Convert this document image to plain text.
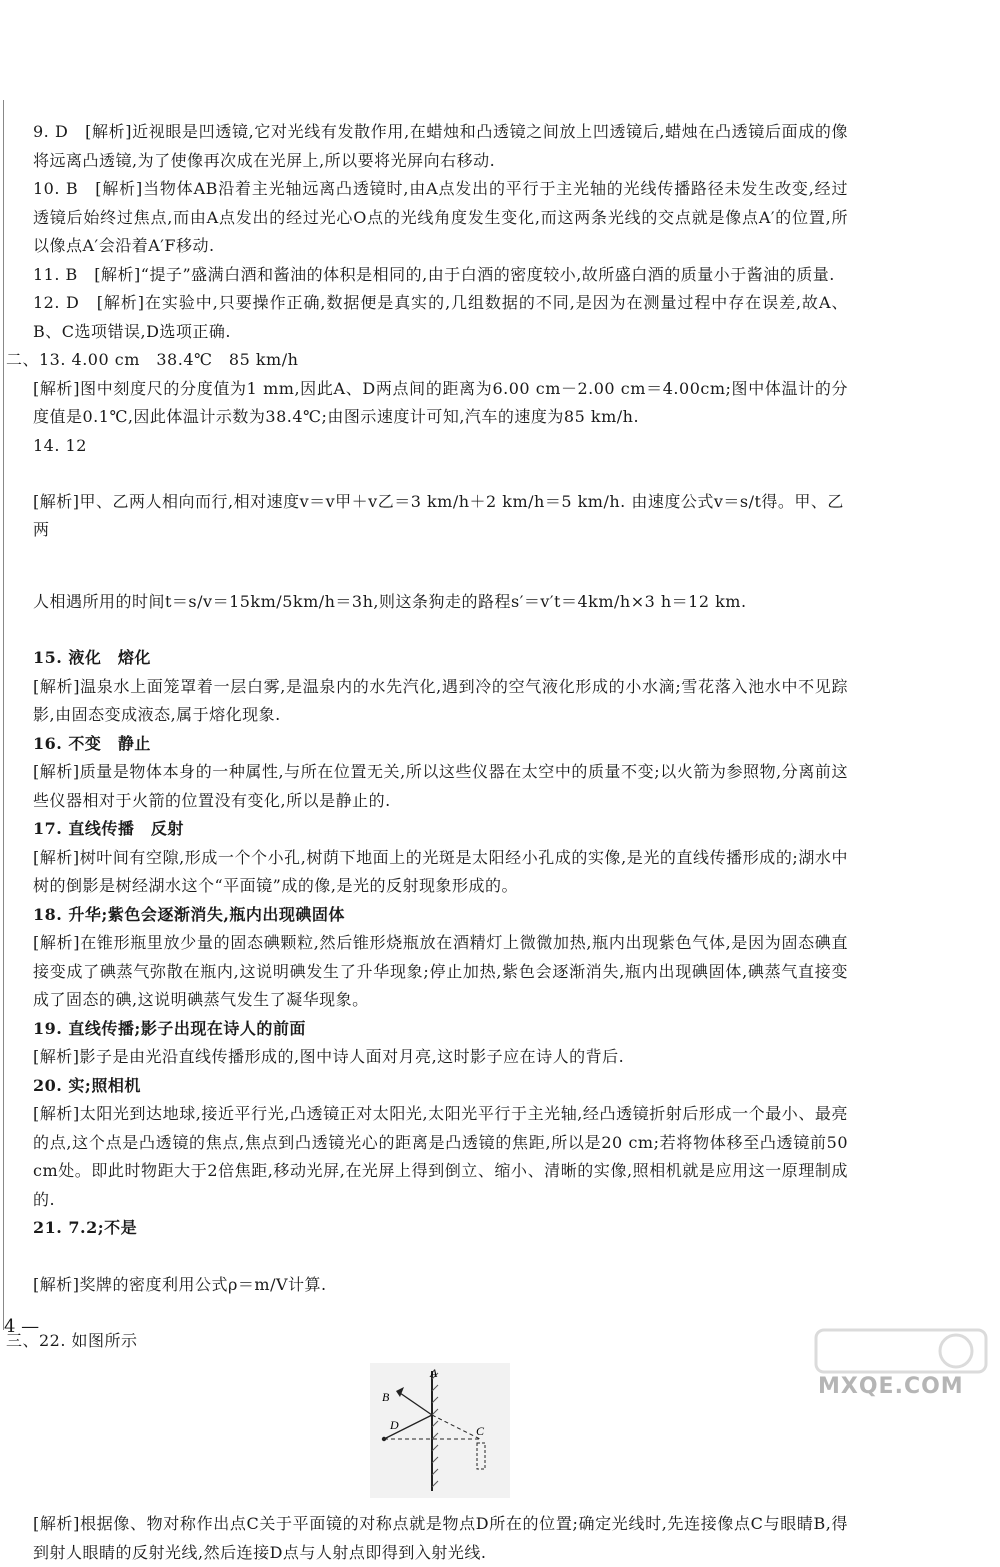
9. D　[解析]近视眼是凹透镜,它对光线有发散作用,在蜡烛和凸透镜之间放上凹透镜后,蜡烛在凸透镜后面成的像将远离凸透镜,为了使像再次成在光屏上,所以要将光屏向右移动.

10. B　[解析]当物体AB沿着主光轴远离凸透镜时,由A点发出的平行于主光轴的光线传播路径未发生改变,经过透镜后始终过焦点,而由A点发出的经过光心O点的光线角度发生变化,而这两条光线的交点就是像点A′的位置,所以像点A′会沿着A′F移动.

11. B　[解析]“提子”盛满白酒和酱油的体积是相同的,由于白酒的密度较小,故所盛白酒的质量小于酱油的质量.

12. D　[解析]在实验中,只要操作正确,数据便是真实的,几组数据的不同,是因为在测量过程中存在误差,故A、B、C选项错误,D选项正确.

二、13. 4.00 cm　38.4℃　85 km/h

[解析]图中刻度尺的分度值为1 mm,因此A、D两点间的距离为6.00 cm－2.00 cm＝4.00cm;图中体温计的分度值是0.1℃,因此体温计示数为38.4℃;由图示速度计可知,汽车的速度为85 km/h.

14. 12

[解析]甲、乙两人相向而行,相对速度v＝v甲＋v乙＝3 km/h＋2 km/h＝5 km/h. 由速度公式v＝s/t得。甲、乙两

人相遇所用的时间t＝s/v＝15km/5km/h＝3h,则这条狗走的路程s′＝v′t＝4km/h×3 h＝12 km.

15. 液化　熔化

[解析]温泉水上面笼罩着一层白雾,是温泉内的水先汽化,遇到冷的空气液化形成的小水滴;雪花落入池水中不见踪影,由固态变成液态,属于熔化现象.

16. 不变　静止

[解析]质量是物体本身的一种属性,与所在位置无关,所以这些仪器在太空中的质量不变;以火箭为参照物,分离前这些仪器相对于火箭的位置没有变化,所以是静止的.

17. 直线传播　反射

[解析]树叶间有空隙,形成一个个小孔,树荫下地面上的光斑是太阳经小孔成的实像,是光的直线传播形成的;湖水中树的倒影是树经湖水这个“平面镜”成的像,是光的反射现象形成的。

18. 升华;紫色会逐渐消失,瓶内出现碘固体

[解析]在锥形瓶里放少量的固态碘颗粒,然后锥形烧瓶放在酒精灯上微微加热,瓶内出现紫色气体,是因为固态碘直接变成了碘蒸气弥散在瓶内,这说明碘发生了升华现象;停止加热,紫色会逐渐消失,瓶内出现碘固体,碘蒸气直接变成了固态的碘,这说明碘蒸气发生了凝华现象。

19. 直线传播;影子出现在诗人的前面

[解析]影子是由光沿直线传播形成的,图中诗人面对月亮,这时影子应在诗人的背后.

20. 实;照相机

[解析]太阳光到达地球,接近平行光,凸透镜正对太阳光,太阳光平行于主光轴,经凸透镜折射后形成一个最小、最亮的点,这个点是凸透镜的焦点,焦点到凸透镜光心的距离是凸透镜的焦距,所以是20 cm;若将物体移至凸透镜前50 cm处。即此时物距大于2倍焦距,移动光屏,在光屏上得到倒立、缩小、清晰的实像,照相机就是应用这一原理制成的.

21. 7.2;不是

[解析]奖牌的密度利用公式ρ＝m/V计算.

三、22. 如图所示

A
B
C
D

[解析]根据像、物对称作出点C关于平面镜的对称点就是物点D所在的位置;确定光线时,先连接像点C与眼睛B,得到射人眼睛的反射光线,然后连接D点与人射点即得到入射光线.

4 —
MXQE.COM
